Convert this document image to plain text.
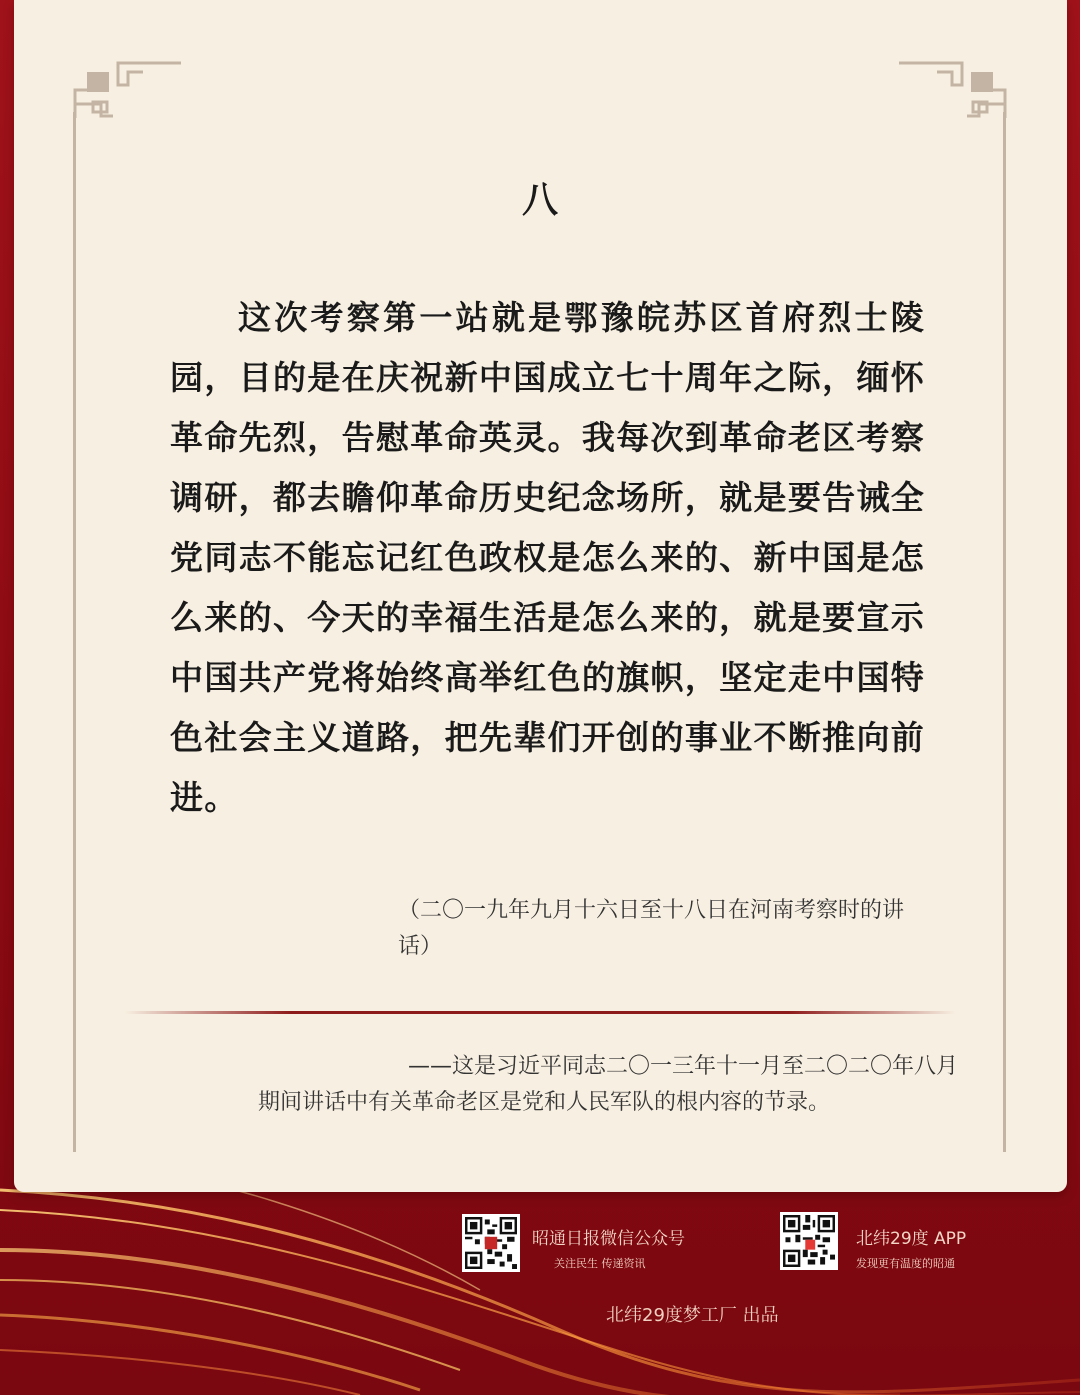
八
这次考察第一站就是鄂豫皖苏区首府烈士陵园，目的是在庆祝新中国成立七十周年之际，缅怀革命先烈，告慰革命英灵。我每次到革命老区考察调研，都去瞻仰革命历史纪念场所，就是要告诫全党同志不能忘记红色政权是怎么来的、新中国是怎么来的、今天的幸福生活是怎么来的，就是要宣示中国共产党将始终高举红色的旗帜，坚定走中国特色社会主义道路，把先辈们开创的事业不断推向前进。
（二〇一九年九月十六日至十八日在河南考察时的讲话）
——这是习近平同志二〇一三年十一月至二〇二〇年八月
期间讲话中有关革命老区是党和人民军队的根内容的节录。
昭通日报微信公众号
关注民生 传递资讯
北纬29度 APP
发现更有温度的昭通
北纬29度梦工厂 出品
